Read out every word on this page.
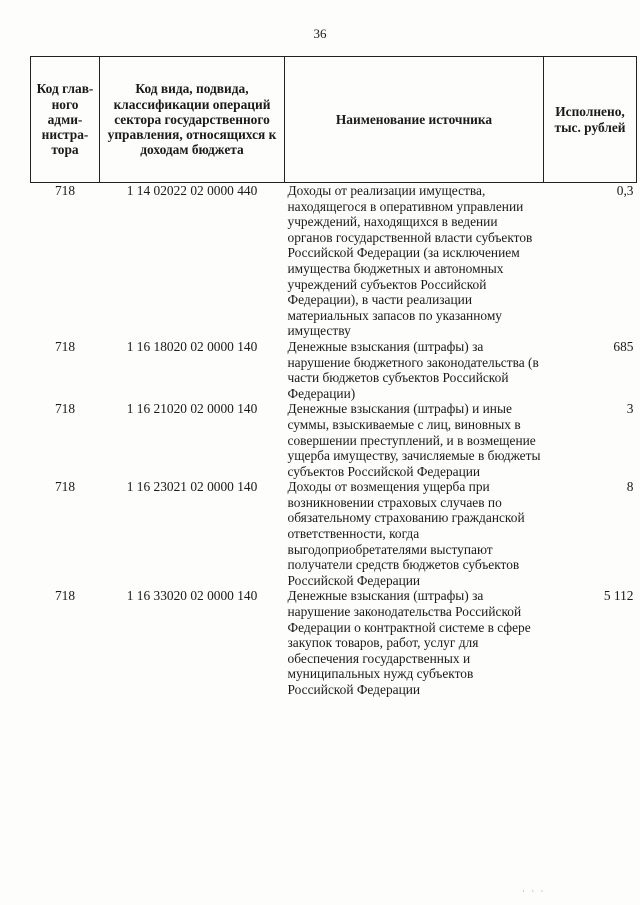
36
Код глав-ного адми-нистра-тора	Код вида, подвида, классификации операций сектора государственного управления, относящихся к доходам бюджета	Наименование источника	Исполнено, тыс. рублей
718	1 14 02022 02 0000 440	Доходы от реализации имущества, находящегося в оперативном управлении учреждений, находящихся в ведении органов государственной власти субъектов Российской Федерации (за исключением имущества бюджетных и автономных учреждений субъектов Российской Федерации), в части реализации материальных запасов по указанному имуществу	0,3
718	1 16 18020 02 0000 140	Денежные взыскания (штрафы) за нарушение бюджетного законодательства (в части бюджетов субъектов Российской Федерации)	685
718	1 16 21020 02 0000 140	Денежные взыскания (штрафы) и иные суммы, взыскиваемые с лиц, виновных в совершении преступлений, и в возмещение ущерба имуществу, зачисляемые в бюджеты субъектов Российской Федерации	3
718	1 16 23021 02 0000 140	Доходы от возмещения ущерба при возникновении страховых случаев по обязательному страхованию гражданской ответственности, когда выгодоприобретателями выступают получатели средств бюджетов субъектов Российской Федерации	8
718	1 16 33020 02 0000 140	Денежные взыскания (штрафы) за нарушение законодательства Российской Федерации о контрактной системе в сфере закупок товаров, работ, услуг для обеспечения государственных и муниципальных нужд субъектов Российской Федерации	5 112
· · ·
